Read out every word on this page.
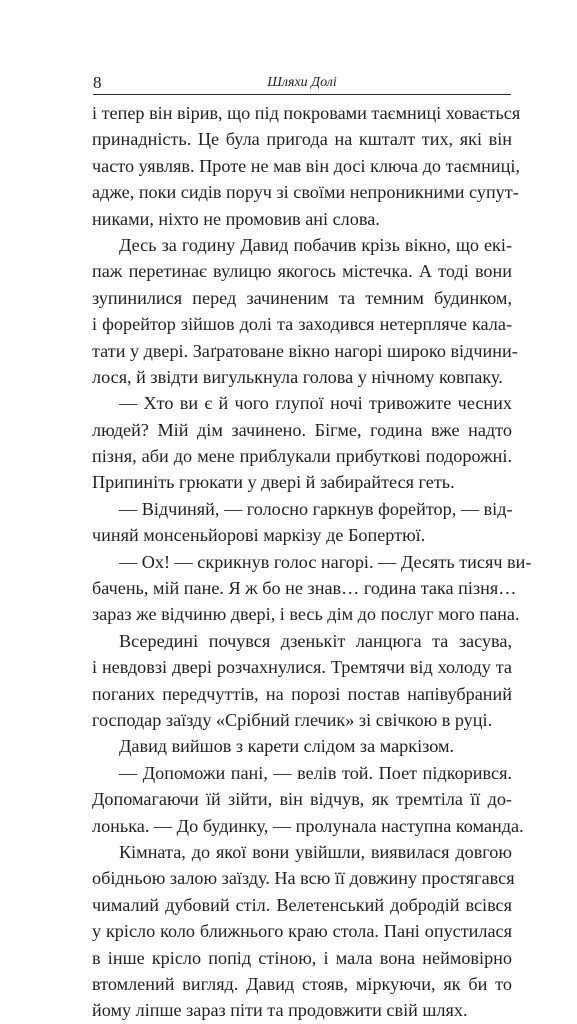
8	Шляхи Долі
і тепер він вірив, що під покровами таємниці ховається
принадність. Це була пригода на кшталт тих, які він
часто уявляв. Проте не мав він досі ключа до таємниці,
адже, поки сидів поруч зі своїми непроникними супут-
никами, ніхто не промовив ані слова.
Десь за годину Давид побачив крізь вікно, що екі-
паж перетинає вулицю якогось містечка. А тоді вони
зупинилися перед зачиненим та темним будинком,
і форейтор зійшов долі та заходився нетерпляче кала-
тати у двері. Заґратоване вікно нагорі широко відчини-
лося, й звідти вигулькнула голова у нічному ковпаку.
— Хто ви є й чого глупої ночі тривожите чесних
людей? Мій дім зачинено. Бігме, година вже надто
пізня, аби до мене приблукали прибуткові подорожні.
Припиніть грюкати у двері й забирайтеся геть.
— Відчиняй, — голосно гаркнув форейтор, — від-
чиняй монсеньйорові маркізу де Бопертюї.
— Ох! — скрикнув голос нагорі. — Десять тисяч ви-
бачень, мій пане. Я ж бо не знав… година така пізня…
зараз же відчиню двері, і весь дім до послуг мого пана.
Всередині почувся дзенькіт ланцюга та засува,
і невдовзі двері розчахнулися. Тремтячи від холоду та
поганих передчуттів, на порозі постав напівубраний
господар заїзду «Срібний глечик» зі свічкою в руці.
Давид вийшов з карети слідом за маркізом.
— Допоможи пані, — велів той. Поет підкорився.
Допомагаючи їй зійти, він відчув, як тремтіла її до-
лонька. — До будинку, — пролунала наступна команда.
Кімната, до якої вони увійшли, виявилася довгою
обідньою залою заїзду. На всю її довжину простягався
чималий дубовий стіл. Велетенський добродій всівся
у крісло коло ближнього краю стола. Пані опустилася
в інше крісло попід стіною, і мала вона неймовірно
втомлений вигляд. Давид стояв, міркуючи, як би то
йому ліпше зараз піти та продовжити свій шлях.
